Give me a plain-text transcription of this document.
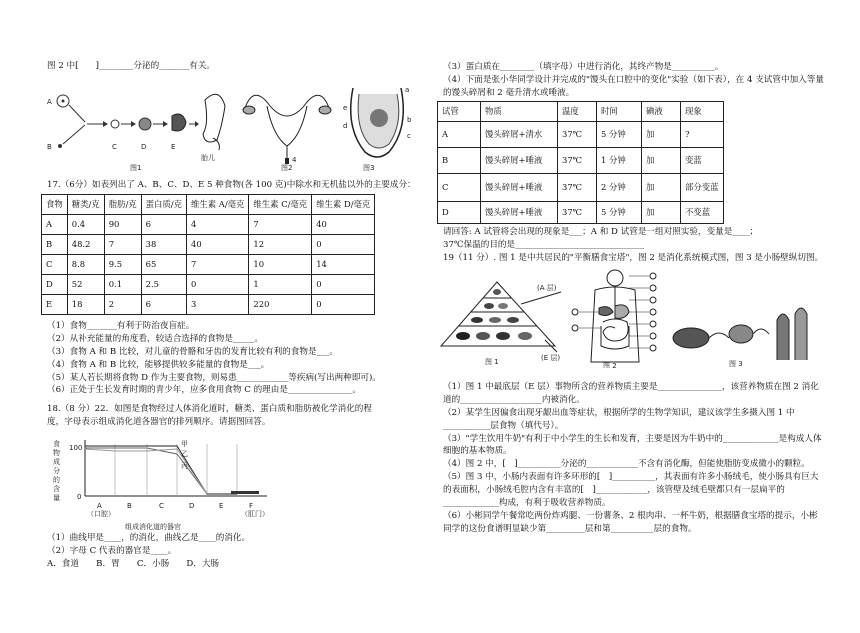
图 2 中[　　]________分泌的_______有关。
A
B	C	D	E
胎儿
图1
4
图2
a
b
c
d
e
图3
17.（6分）如表列出了 A、B、C、D、E 5 种食物(各 100 克)中除水和无机盐以外的主要成分：
食物	糖类/克	脂肪/克	蛋白质/克	维生素 A/毫克	维生素 C/毫克	维生素 D/毫克
A	0.4	90	6	4	7	40
B	48.2	7	38	40	12	0
C	8.8	9.5	65	7	10	14
D	52	0.1	2.5	0	1	0
E	18	2	6	3	220	0
（1）食物_______有利于防治夜盲症。
（2）从补充能量的角度看，较适合选择的食物是_____。
（3）食物 A 和 B 比较，对儿童的骨骼和牙齿的发育比较有利的食物是___。
（4）食物 A 和 B 比较，能够提供较多能量的食物是___。
（5）某人若长期将食物 D 作为主要食物，则易患____________等疾病(写出两种即可)。
（6）正处于生长发育时期的青少年，应多食用食物 C 的理由是_______________。
18.（8 分）22．如图是食物经过人体消化道时，糖类、蛋白质和脂肪被化学消化的程度，字母表示组成消化道各器官的排列顺序。请据图回答。
食
物
成
分
的
含
量
100
0
甲
乙
丙
A	B	C	D	E	F
（口腔）	（肛门）
组成消化道的器官
（1）曲线甲是____，的消化，曲线乙是____的消化。
（2）字母 C 代表的器官是____。
A．食道　　B．胃　　C．小肠　　D．大肠
（3）蛋白质在________（填字母）中进行消化，其终产物是__________。
（4）下面是张小华同学设计并完成的"馒头在口腔中的变化"实验（如下表），在 4 支试管中加入等量的馒头碎屑和 2 毫升清水或唾液。
试管	物质	温度	时间	碘液	现象
A	馒头碎屑+清水	37℃	5 分钟	加	?
B	馒头碎屑+唾液	37℃	1 分钟	加	变蓝
C	馒头碎屑+唾液	37℃	2 分钟	加	部分变蓝
D	馒头碎屑+唾液	37℃	5 分钟	加	不变蓝
请回答: A 试管将会出现的现象是___；A 和 D 试管是一组对照实验，变量是____；
37℃保温的目的是______________________________
19（11 分）. 图 1 是中共居民的"平衡膳食宝塔"，图 2 是消化系统模式图，图 3 是小肠壁纵切图。
(A 层)
(E 层)
图 1	图 2	图 3
（1）图 1 中最底层（E 层）事物所含的营养物质主要是_______________，该营养物质在图 2 消化道的___________________内被消化。
（2）某学生因偏食出现牙龈出血等症状，根据所学的生物学知识，建议该学生多摄入图 1 中___________层食物（填代号）。
（3）"学生饮用牛奶"有利于中小学生的生长和发育，主要是因为牛奶中的_____________是构成人体细胞的基本物质。
（4）图 2 中，[　]__________分泌的____________不含有消化酶，但能使脂肪变成微小的颗粒。
（5）图 3 中，小肠内表面有许多环形的[　]__________，其表面有许多小肠绒毛，使小肠具有巨大的表面积，小肠绒毛腔内含有丰富的[　]____________，该管壁及绒毛壁都只有一层扁平的_____________构成，有利于吸收营养物质。
（6）小彬同学午餐常吃两份炸鸡腿、一份薯条、2 根肉串、一杯牛奶，根据膳食宝塔的提示，小彬同学的这份食谱明显缺少第_________层和第__________层的食物。
